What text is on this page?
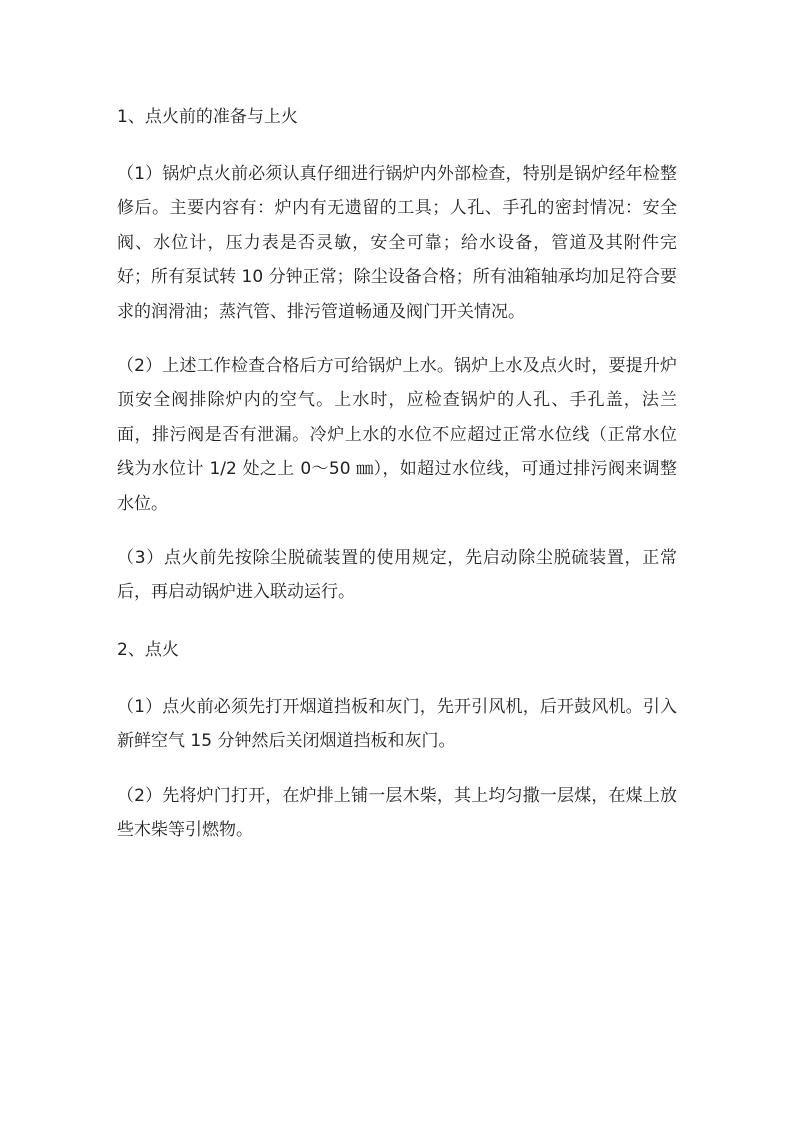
1、点火前的准备与上火

（1）锅炉点火前必须认真仔细进行锅炉内外部检查，特别是锅炉经年检整修后。主要内容有：炉内有无遗留的工具；人孔、手孔的密封情况：安全阀、水位计，压力表是否灵敏，安全可靠；给水设备，管道及其附件完好；所有泵试转 10 分钟正常；除尘设备合格；所有油箱轴承均加足符合要求的润滑油；蒸汽管、排污管道畅通及阀门开关情况。

（2）上述工作检查合格后方可给锅炉上水。锅炉上水及点火时，要提升炉顶安全阀排除炉内的空气。上水时，应检查锅炉的人孔、手孔盖，法兰面，排污阀是否有泄漏。冷炉上水的水位不应超过正常水位线（正常水位线为水位计 1/2 处之上 0～50 ㎜），如超过水位线，可通过排污阀来调整水位。

（3）点火前先按除尘脱硫装置的使用规定，先启动除尘脱硫装置，正常后，再启动锅炉进入联动运行。

2、点火

（1）点火前必须先打开烟道挡板和灰门，先开引风机，后开鼓风机。引入新鲜空气 15 分钟然后关闭烟道挡板和灰门。

（2）先将炉门打开，在炉排上铺一层木柴，其上均匀撒一层煤，在煤上放些木柴等引燃物。
